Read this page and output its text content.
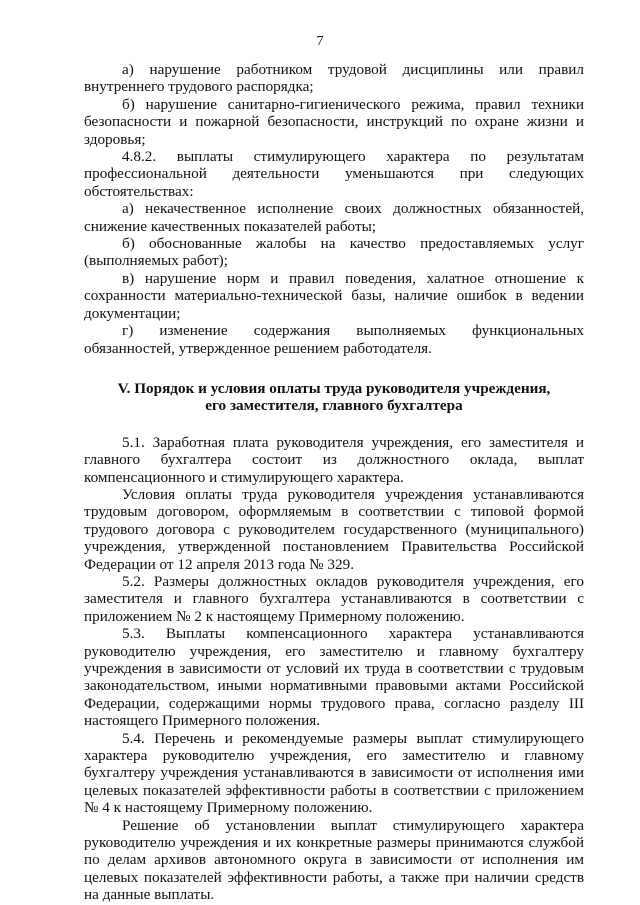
7

а) нарушение работником трудовой дисциплины или правил внутреннего трудового распорядка;

б) нарушение санитарно-гигиенического режима, правил техники безопасности и пожарной безопасности, инструкций по охране жизни и здоровья;

4.8.2. выплаты стимулирующего характера по результатам профессиональной деятельности уменьшаются при следующих обстоятельствах:

а) некачественное исполнение своих должностных обязанностей, снижение качественных показателей работы;

б) обоснованные жалобы на качество предоставляемых услуг (выполняемых работ);

в) нарушение норм и правил поведения, халатное отношение к сохранности материально-технической базы, наличие ошибок в ведении документации;

г) изменение содержания выполняемых функциональных обязанностей, утвержденное решением работодателя.

V. Порядок и условия оплаты труда руководителя учреждения,
его заместителя, главного бухгалтера

5.1. Заработная плата руководителя учреждения, его заместителя и главного бухгалтера состоит из должностного оклада, выплат компенсационного и стимулирующего характера.

Условия оплаты труда руководителя учреждения устанавливаются трудовым договором, оформляемым в соответствии с типовой формой трудового договора с руководителем государственного (муниципального) учреждения, утвержденной постановлением Правительства Российской Федерации от 12 апреля 2013 года № 329.

5.2. Размеры должностных окладов руководителя учреждения, его заместителя и главного бухгалтера устанавливаются в соответствии с приложением № 2 к настоящему Примерному положению.

5.3. Выплаты компенсационного характера устанавливаются руководителю учреждения, его заместителю и главному бухгалтеру учреждения в зависимости от условий их труда в соответствии с трудовым законодательством, иными нормативными правовыми актами Российской Федерации, содержащими нормы трудового права, согласно разделу III настоящего Примерного положения.

5.4. Перечень и рекомендуемые размеры выплат стимулирующего характера руководителю учреждения, его заместителю и главному бухгалтеру учреждения устанавливаются в зависимости от исполнения ими целевых показателей эффективности работы в соответствии с приложением № 4 к настоящему Примерному положению.

Решение об установлении выплат стимулирующего характера руководителю учреждения и их конкретные размеры принимаются службой по делам архивов автономного округа в зависимости от исполнения им целевых показателей эффективности работы, а также при наличии средств на данные выплаты.
